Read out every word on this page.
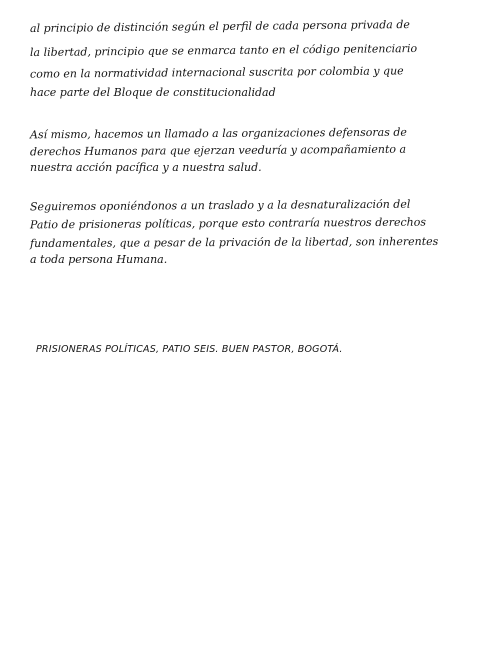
al principio de distinción según el perfil de cada persona privada de

la libertad, principio que se enmarca tanto en el código penitenciario

como en la normatividad internacional suscrita por colombia y que

hace parte del Bloque de constitucionalidad

Así mismo, hacemos un llamado a las organizaciones defensoras de

derechos Humanos para que ejerzan veeduría y acompañamiento a

nuestra acción pacífica y a nuestra salud.

Seguiremos oponiéndonos a un traslado y a la desnaturalización del

Patio de prisioneras políticas, porque esto contraría nuestros derechos

fundamentales, que a pesar de la privación de la libertad, son inherentes

a toda persona Humana.

PRISIONERAS POLÍTICAS, PATIO SEIS. BUEN PASTOR, BOGOTÁ.
